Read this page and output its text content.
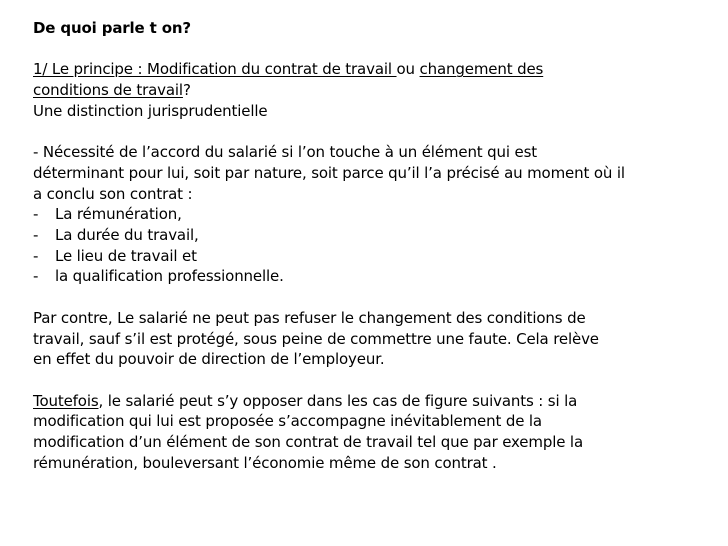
De quoi parle t on?
1/ Le principe : Modification du contrat de travail ou changement des
conditions de travail?
Une distinction jurisprudentielle
- Nécessité de l’accord du salarié si l’on touche à un élément qui est
déterminant pour lui, soit par nature, soit parce qu’il l’a précisé au moment où il
a conclu son contrat :
- La rémunération,
- La durée du travail,
- Le lieu de travail et
- la qualification professionnelle.
Par contre, Le salarié ne peut pas refuser le changement des conditions de
travail, sauf s’il est protégé, sous peine de commettre une faute. Cela relève
en effet du pouvoir de direction de l’employeur.
Toutefois, le salarié peut s’y opposer dans les cas de figure suivants : si la
modification qui lui est proposée s’accompagne inévitablement de la
modification d’un élément de son contrat de travail tel que par exemple la
rémunération, bouleversant l’économie même de son contrat .
